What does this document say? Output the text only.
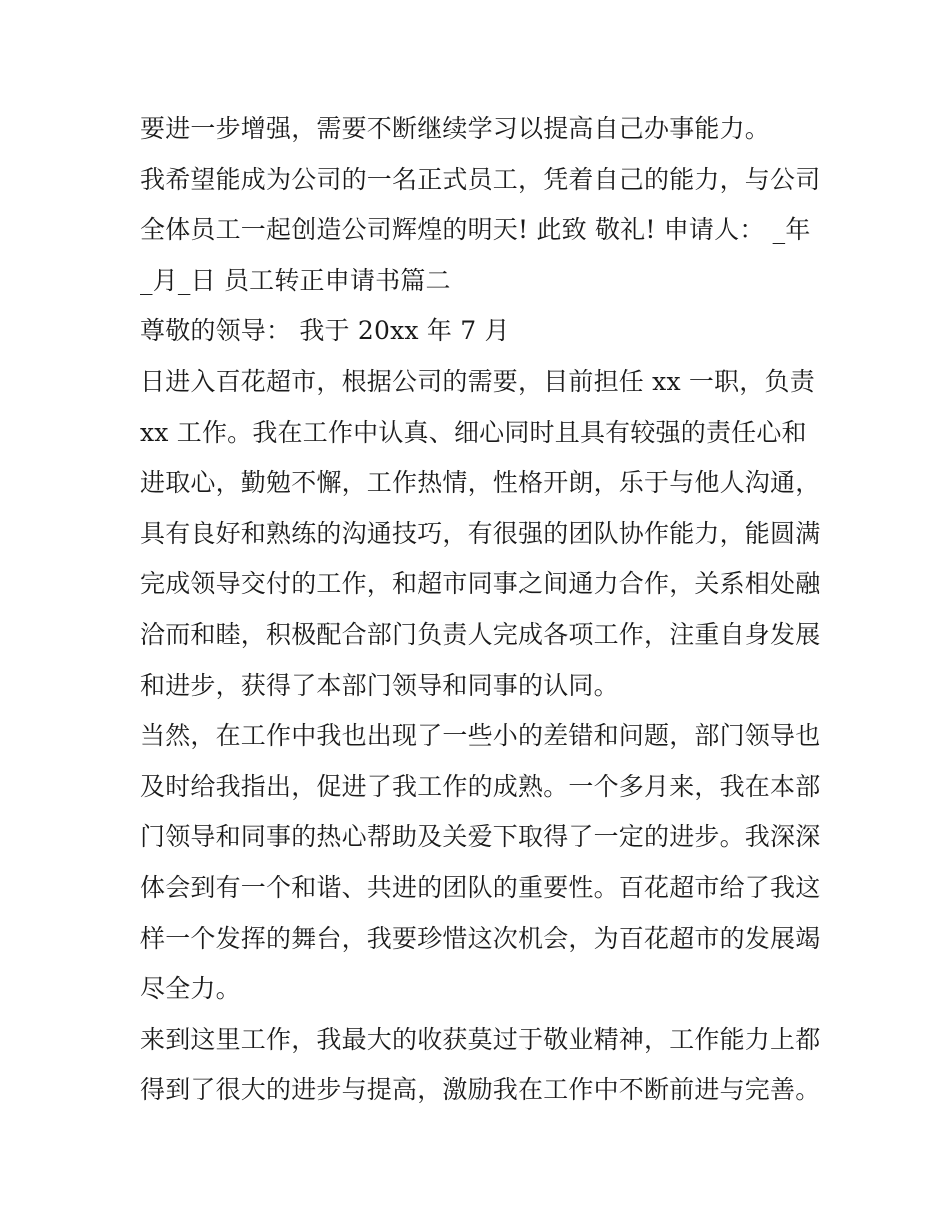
要进一步增强，需要不断继续学习以提高自己办事能力。
我希望能成为公司的一名正式员工，凭着自己的能力，与公司
全体员工一起创造公司辉煌的明天! 此致 敬礼! 申请人： _年
_月_日 员工转正申请书篇二
尊敬的领导： 我于 20xx 年 7 月
日进入百花超市，根据公司的需要，目前担任 xx 一职，负责
xx 工作。我在工作中认真、细心同时且具有较强的责任心和
进取心，勤勉不懈，工作热情，性格开朗，乐于与他人沟通，
具有良好和熟练的沟通技巧，有很强的团队协作能力，能圆满
完成领导交付的工作，和超市同事之间通力合作，关系相处融
洽而和睦，积极配合部门负责人完成各项工作，注重自身发展
和进步，获得了本部门领导和同事的认同。
当然，在工作中我也出现了一些小的差错和问题，部门领导也
及时给我指出，促进了我工作的成熟。一个多月来，我在本部
门领导和同事的热心帮助及关爱下取得了一定的进步。我深深
体会到有一个和谐、共进的团队的重要性。百花超市给了我这
样一个发挥的舞台，我要珍惜这次机会，为百花超市的发展竭
尽全力。
来到这里工作，我最大的收获莫过于敬业精神，工作能力上都
得到了很大的进步与提高，激励我在工作中不断前进与完善。
